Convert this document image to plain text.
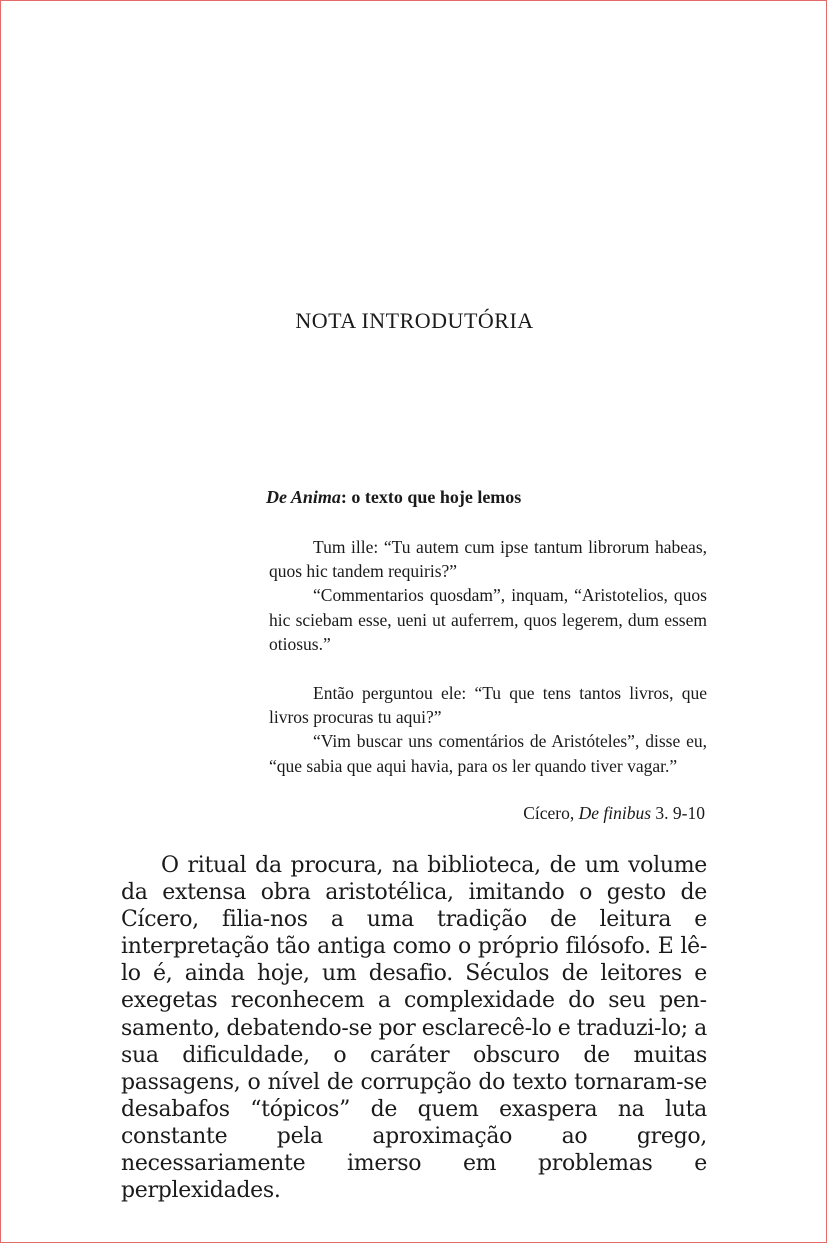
NOTA INTRODUTÓRIA
De Anima: o texto que hoje lemos

Tum ille: “Tu autem cum ipse tantum librorum habeas, quos hic tandem requiris?”

“Commentarios quosdam”, inquam, “Aristotelios, quos hic sciebam esse, ueni ut auferrem, quos legerem, dum essem otiosus.”

Então perguntou ele: “Tu que tens tantos livros, que livros procuras tu aqui?”

“Vim buscar uns comentários de Aristóteles”, disse eu, “que sabia que aqui havia, para os ler quando tiver vagar.”

Cícero, De finibus 3. 9-10

O ritual da procura, na biblioteca, de um volume da extensa obra aristotélica, imitando o gesto de Cícero, filia-nos a uma tradição de leitura e interpretação tão antiga como o próprio filósofo. E lê-lo é, ainda hoje, um desafio. Séculos de leitores e exegetas reconhecem a complexidade do seu pensamento, debatendo-se por esclarecê-lo e traduzi-lo; a sua dificuldade, o caráter obscuro de muitas passagens, o nível de corrupção do texto tornaram-se desabafos “tópicos” de quem exaspera na luta constante pela aproximação ao grego, necessariamente imerso em problemas e perplexidades.
